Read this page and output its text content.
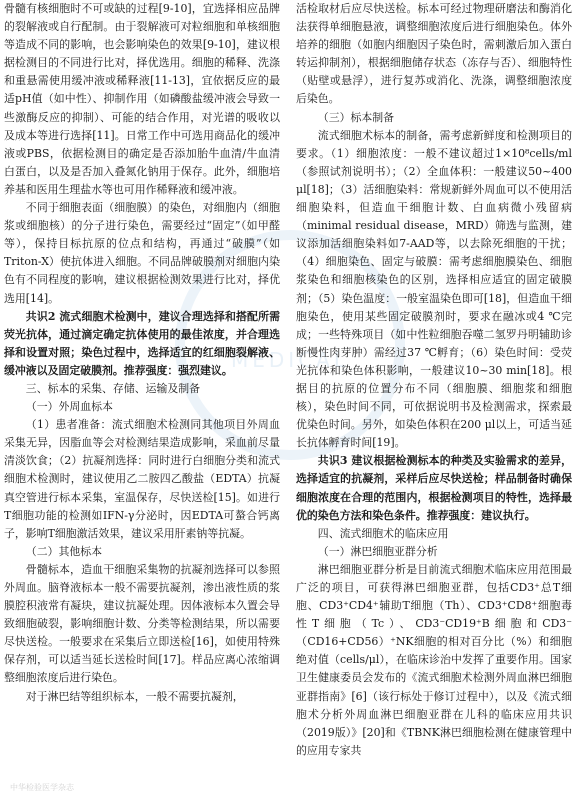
MEDICAL

骨髓有核细胞时不可或缺的过程[9-10]，宜选择相应品牌的裂解液或自行配制。由于裂解液可对粒细胞和单核细胞等造成不同的影响，也会影响染色的效果[9-10]，建议根据检测目的不同进行比对，择优选用。细胞的稀释、洗涤和重悬需使用缓冲液或稀释液[11-13]，宜依据反应的最适pH值（如中性）、抑制作用（如磷酸盐缓冲液会导致一些激酶反应的抑制）、可能的结合作用，对光谱的吸收以及成本等进行选择[11]。日常工作中可选用商品化的缓冲液或PBS，依据检测目的确定是否添加胎牛血清/牛血清白蛋白，以及是否加入叠氮化钠用于保存。此外，细胞培养基和医用生理盐水等也可用作稀释液和缓冲液。

不同于细胞表面（细胞膜）的染色，对细胞内（细胞浆或细胞核）的分子进行染色，需要经过“固定”（如甲醛等），保持目标抗原的位点和结构，再通过“破膜”（如Triton-X）使抗体进入细胞。不同品牌破膜剂对细胞内染色有不同程度的影响，建议根据检测效果进行比对，择优选用[14]。

共识2 流式细胞术检测中，建议合理选择和搭配所需荧光抗体，通过滴定确定抗体使用的最佳浓度，并合理选择和设置对照；染色过程中，选择适宜的红细胞裂解液、缓冲液以及固定破膜剂。推荐强度：强烈建议。

三、标本的采集、存储、运输及制备

（一）外周血标本

（1）患者准备：流式细胞术检测同其他项目外周血采集无异，因脂血等会对检测结果造成影响，采血前尽量清淡饮食；（2）抗凝剂选择：同时进行白细胞分类和流式细胞术检测时，建议使用乙二胺四乙酸盐（EDTA）抗凝真空管进行标本采集，室温保存，尽快送检[15]。如进行T细胞功能的检测如IFN-γ分泌时，因EDTA可螯合钙离子，影响T细胞激活效果，建议采用肝素钠等抗凝。

（二）其他标本

骨髓标本，造血干细胞采集物的抗凝剂选择可以参照外周血。脑脊液标本一般不需要抗凝剂，渗出液性质的浆膜腔积液常有凝块，建议抗凝处理。因体液标本久置会导致细胞破裂，影响细胞计数、分类等检测结果，所以需要尽快送检。一般要求在采集后立即送检[16]，如使用特殊保存剂，可以适当延长送检时间[17]。样品应离心浓缩调整细胞浓度后进行染色。

对于淋巴结等组织标本，一般不需要抗凝剂，

活检取材后应尽快送检。标本可经过物理研磨法和酶消化法获得单细胞悬液，调整细胞浓度后进行细胞染色。体外培养的细胞（如胞内细胞因子染色时，需刺激后加入蛋白转运抑制剂），根据细胞储存状态（冻存与否）、细胞特性（贴壁或悬浮），进行复苏或消化、洗涤，调整细胞浓度后染色。

（三）标本制备

流式细胞术标本的制备，需考虑新鲜度和检测项目的要求。（1）细胞浓度：一般不建议超过1×10⁸cells/ml（参照试剂说明书）；（2）全血体积：一般建议50~400 μl[18]；（3）活细胞染料：常规新鲜外周血可以不使用活细胞染料，但造血干细胞计数、白血病微小残留病（minimal residual disease，MRD）筛选与监测，建议添加活细胞染料如7-AAD等，以去除死细胞的干扰；（4）细胞染色、固定与破膜：需考虑细胞膜染色、细胞浆染色和细胞核染色的区别，选择相应适宜的固定破膜剂；（5）染色温度：一般室温染色即可[18]，但造血干细胞染色，使用某些固定破膜剂时，要求在融冰或4 ℃完成；一些特殊项目（如中性粒细胞吞噬二氢罗丹明辅助诊断慢性肉芽肿）需经过37 ℃孵育；（6）染色时间：受荧光抗体和染色体积影响，一般建议10~30 min[18]。根据目的抗原的位置分布不同（细胞膜、细胞浆和细胞核），染色时间不同，可依据说明书及检测需求，探索最优染色时间。另外，如染色体积在200 μl以上，可适当延长抗体孵育时间[19]。

共识3 建议根据检测标本的种类及实验需求的差异，选择适宜的抗凝剂，采样后应尽快送检；样品制备时确保细胞浓度在合理的范围内，根据检测项目的特性，选择最优的染色方法和染色条件。推荐强度：建议执行。

四、流式细胞术的临床应用

（一）淋巴细胞亚群分析

淋巴细胞亚群分析是目前流式细胞术临床应用范围最广泛的项目，可获得淋巴细胞亚群，包括CD3⁺总T细胞、CD3⁺CD4⁺辅助T细胞（Th）、CD3⁺CD8⁺细胞毒性T细胞（Tc）、CD3⁻CD19⁺B细胞和CD3⁻（CD16+CD56）⁺NK细胞的相对百分比（%）和细胞绝对值（cells/μl），在临床诊治中发挥了重要作用。国家卫生健康委员会发布的《流式细胞术检测外周血淋巴细胞亚群指南》[6]（该行标处于修订过程中），以及《流式细胞术分析外周血淋巴细胞亚群在儿科的临床应用共识（2019版）》[20]和《TBNK淋巴细胞检测在健康管理中的应用专家共

中华检验医学杂志
